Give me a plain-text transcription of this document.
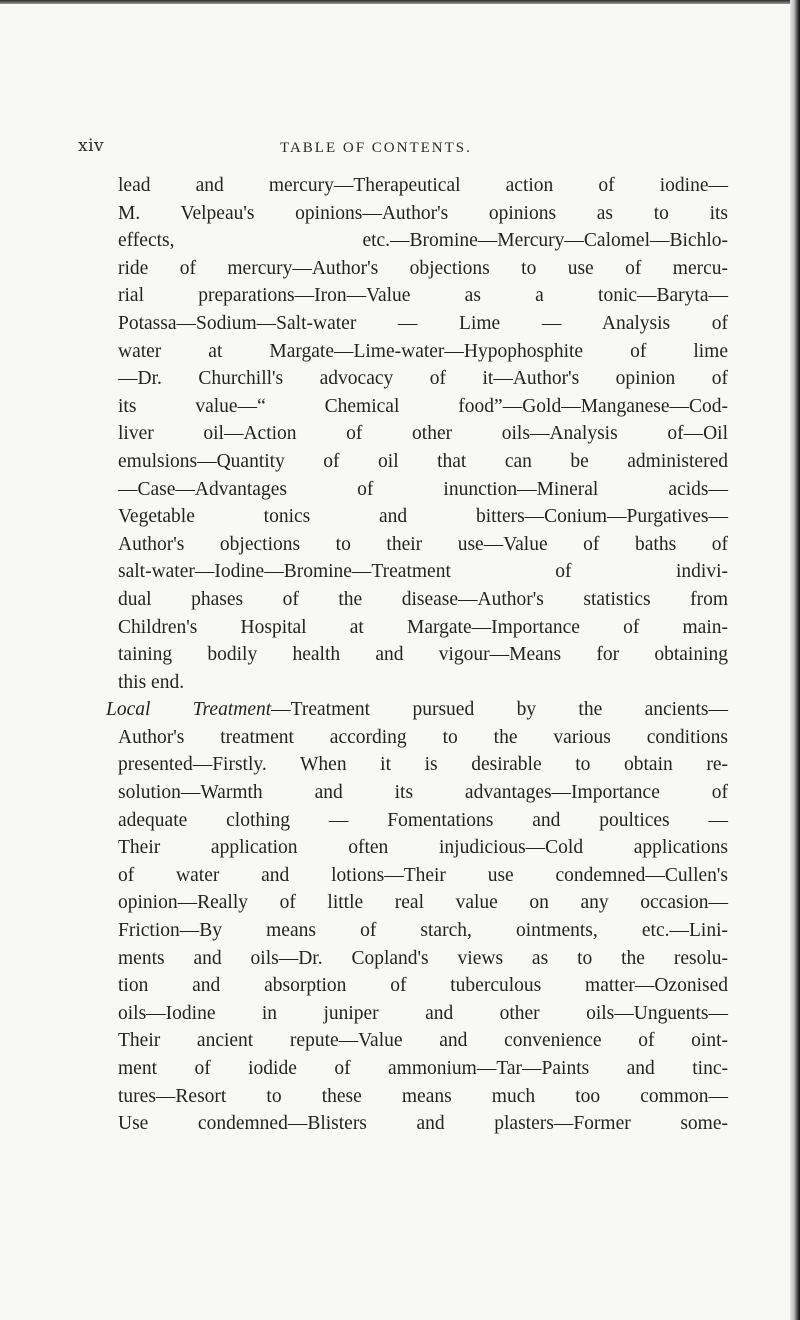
xiv	TABLE OF CONTENTS.
lead and mercury—Therapeutical action of iodine—
M. Velpeau's opinions—Author's opinions as to its
effects, etc.—Bromine—Mercury—Calomel—Bichlo-
ride of mercury—Author's objections to use of mercu-
rial preparations—Iron—Value as a tonic—Baryta—
Potassa—Sodium—Salt-water — Lime — Analysis of
water at Margate—Lime-water—Hypophosphite of lime
—Dr. Churchill's advocacy of it—Author's opinion of
its value—“ Chemical food”—Gold—Manganese—Cod-
liver oil—Action of other oils—Analysis of—Oil
emulsions—Quantity of oil that can be administered
—Case—Advantages of inunction—Mineral acids—
Vegetable tonics and bitters—Conium—Purgatives—
Author's objections to their use—Value of baths of
salt-water—Iodine—Bromine—Treatment of indivi-
dual phases of the disease—Author's statistics from
Children's Hospital at Margate—Importance of main-
taining bodily health and vigour—Means for obtaining
this end.
Local Treatment—Treatment pursued by the ancients—
Author's treatment according to the various conditions
presented—Firstly. When it is desirable to obtain re-
solution—Warmth and its advantages—Importance of
adequate clothing — Fomentations and poultices —
Their application often injudicious—Cold applications
of water and lotions—Their use condemned—Cullen's
opinion—Really of little real value on any occasion—
Friction—By means of starch, ointments, etc.—Lini-
ments and oils—Dr. Copland's views as to the resolu-
tion and absorption of tuberculous matter—Ozonised
oils—Iodine in juniper and other oils—Unguents—
Their ancient repute—Value and convenience of oint-
ment of iodide of ammonium—Tar—Paints and tinc-
tures—Resort to these means much too common—
Use condemned—Blisters and plasters—Former some-
